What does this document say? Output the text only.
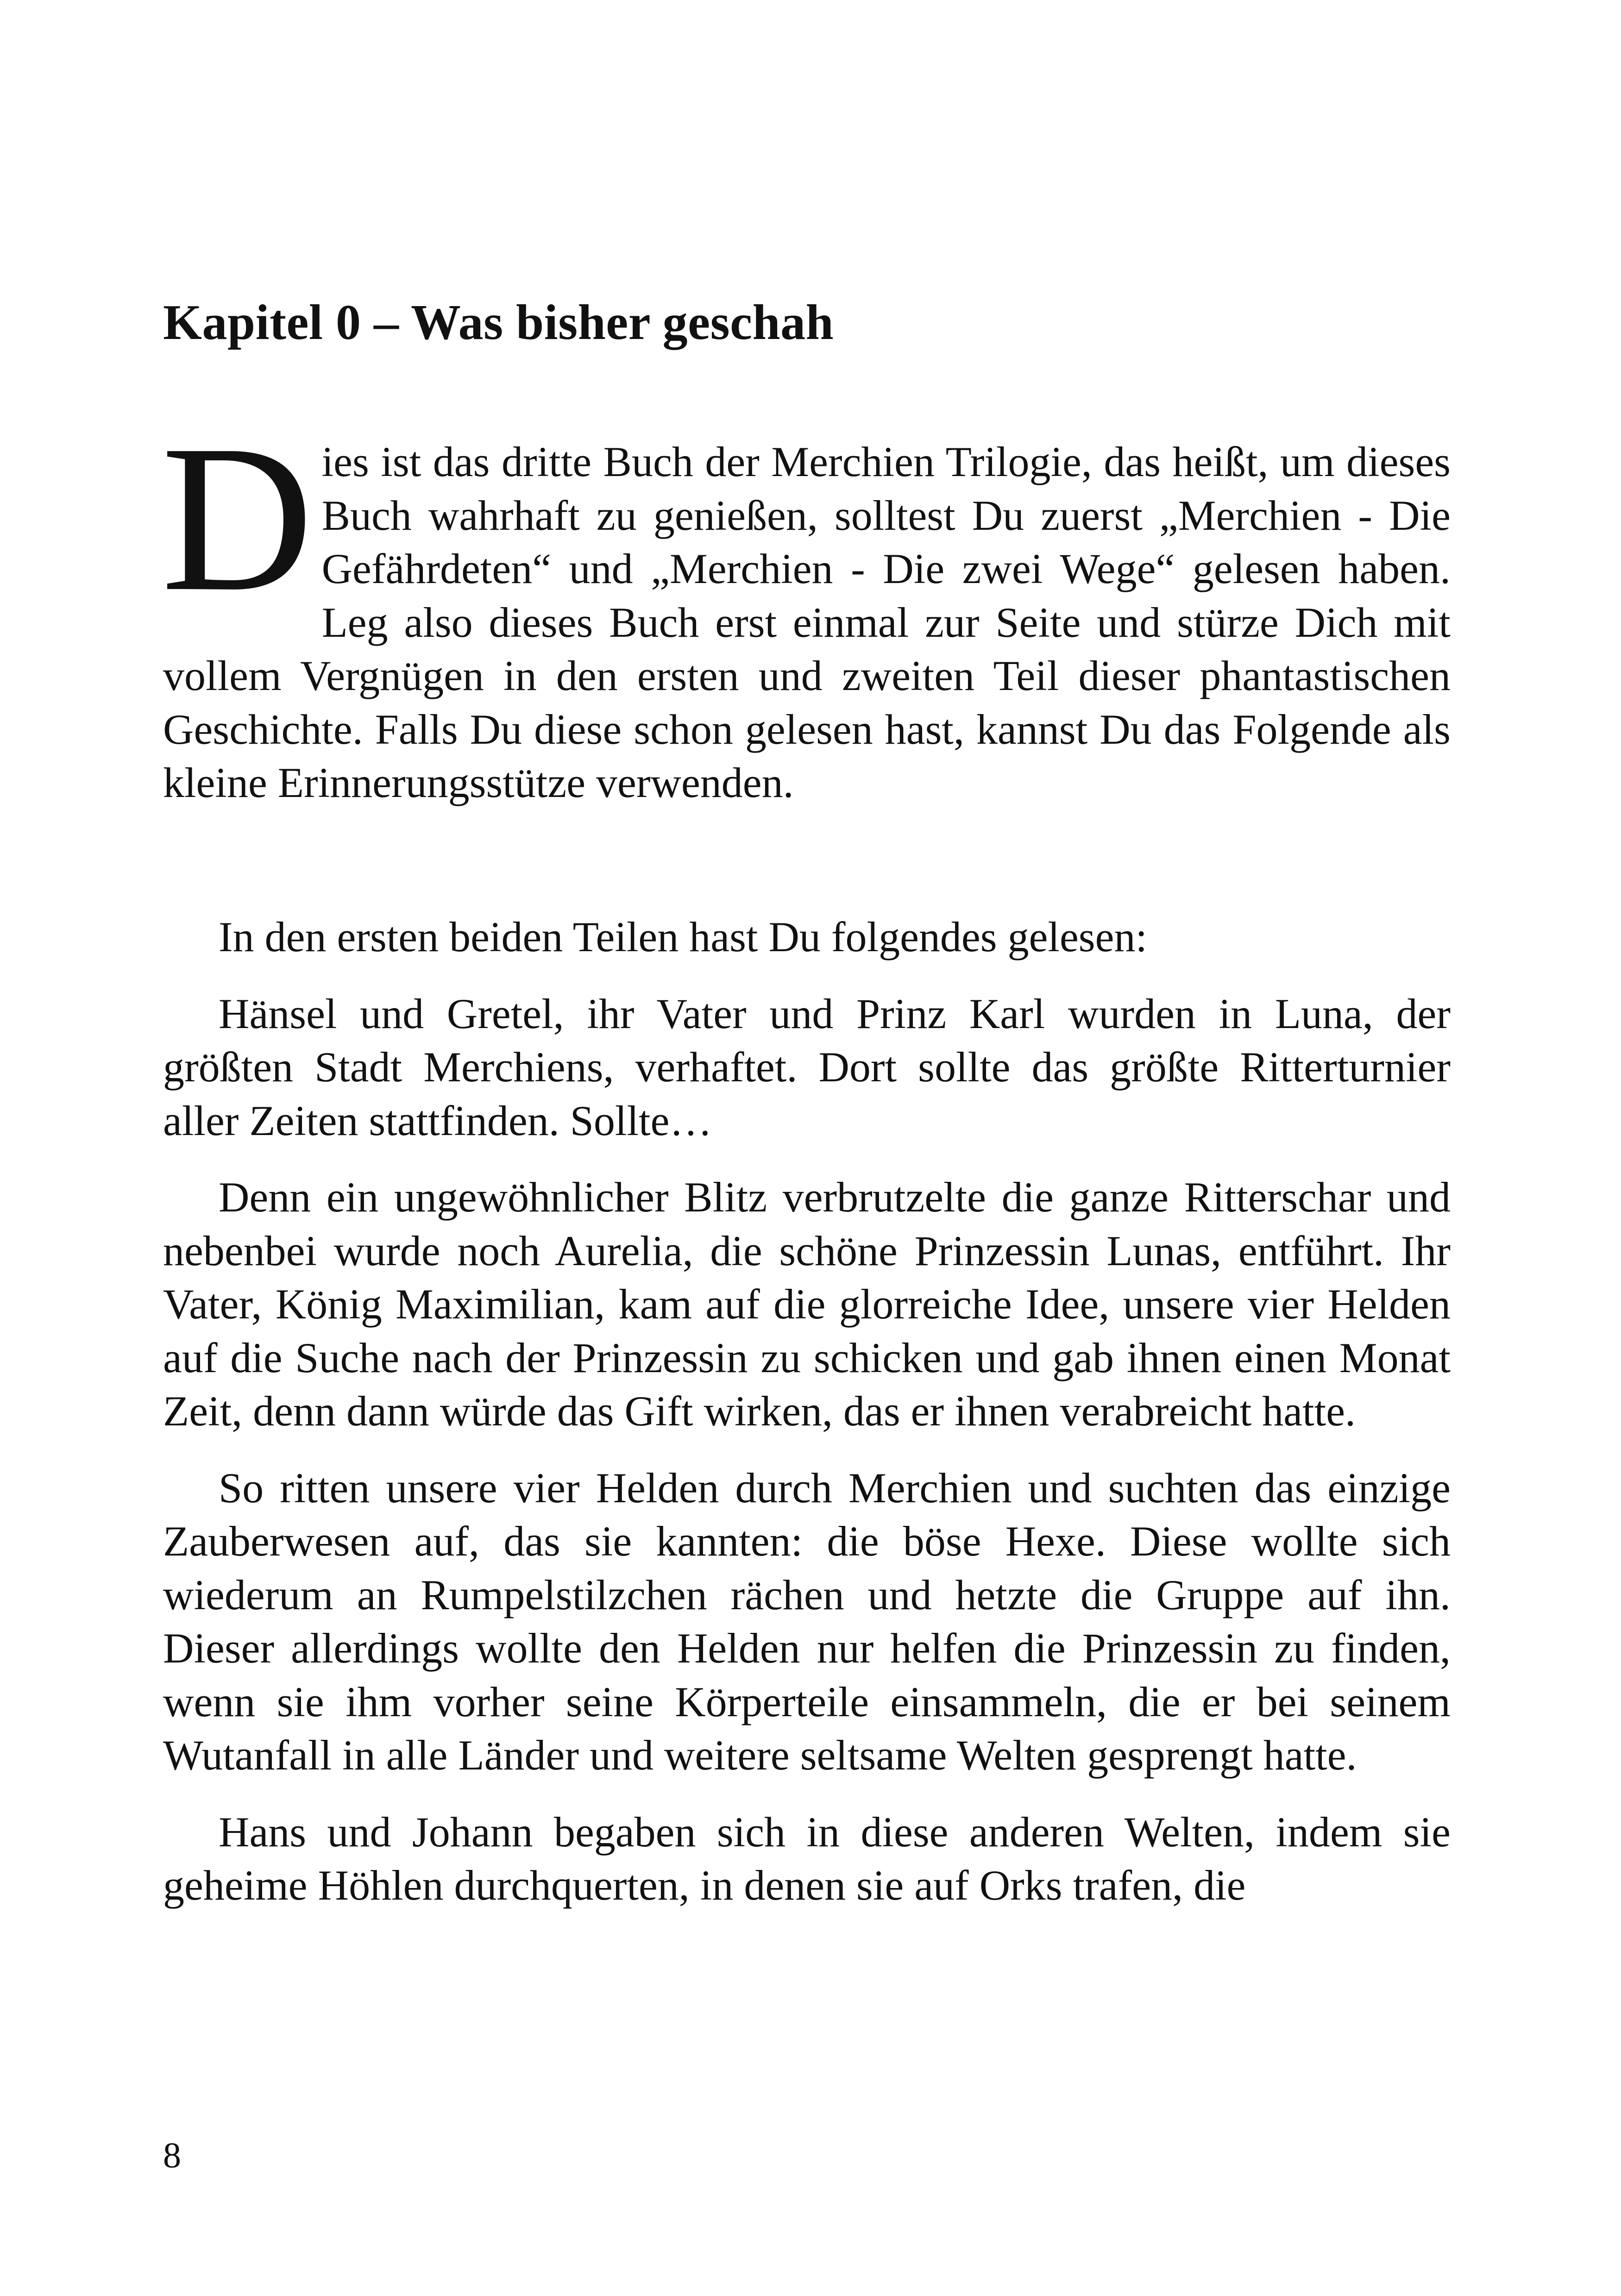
Kapitel 0 – Was bisher geschah

Dies ist das dritte Buch der Merchien Trilogie, das heißt, um dieses Buch wahrhaft zu genießen, solltest Du zuerst „Merchien - Die Gefährdeten“ und „Merchien - Die zwei Wege“ gelesen haben. Leg also dieses Buch erst einmal zur Seite und stürze Dich mit vollem Vergnügen in den ersten und zweiten Teil dieser phantastischen Geschichte. Falls Du diese schon gelesen hast, kannst Du das Folgende als kleine Erinnerungsstütze verwenden.

In den ersten beiden Teilen hast Du folgendes gelesen:

Hänsel und Gretel, ihr Vater und Prinz Karl wurden in Luna, der größten Stadt Merchiens, verhaftet. Dort sollte das größte Ritterturnier aller Zeiten stattfinden. Sollte…

Denn ein ungewöhnlicher Blitz verbrutzelte die ganze Ritterschar und nebenbei wurde noch Aurelia, die schöne Prinzessin Lunas, entführt. Ihr Vater, König Maximilian, kam auf die glorreiche Idee, unsere vier Helden auf die Suche nach der Prinzessin zu schicken und gab ihnen einen Monat Zeit, denn dann würde das Gift wirken, das er ihnen verabreicht hatte.

So ritten unsere vier Helden durch Merchien und suchten das einzige Zauberwesen auf, das sie kannten: die böse Hexe. Diese wollte sich wiederum an Rumpelstilzchen rächen und hetzte die Gruppe auf ihn. Dieser allerdings wollte den Helden nur helfen die Prinzessin zu finden, wenn sie ihm vorher seine Körperteile einsammeln, die er bei seinem Wutanfall in alle Länder und weitere seltsame Welten gesprengt hatte.

Hans und Johann begaben sich in diese anderen Welten, indem sie geheime Höhlen durchquerten, in denen sie auf Orks trafen, die

8
